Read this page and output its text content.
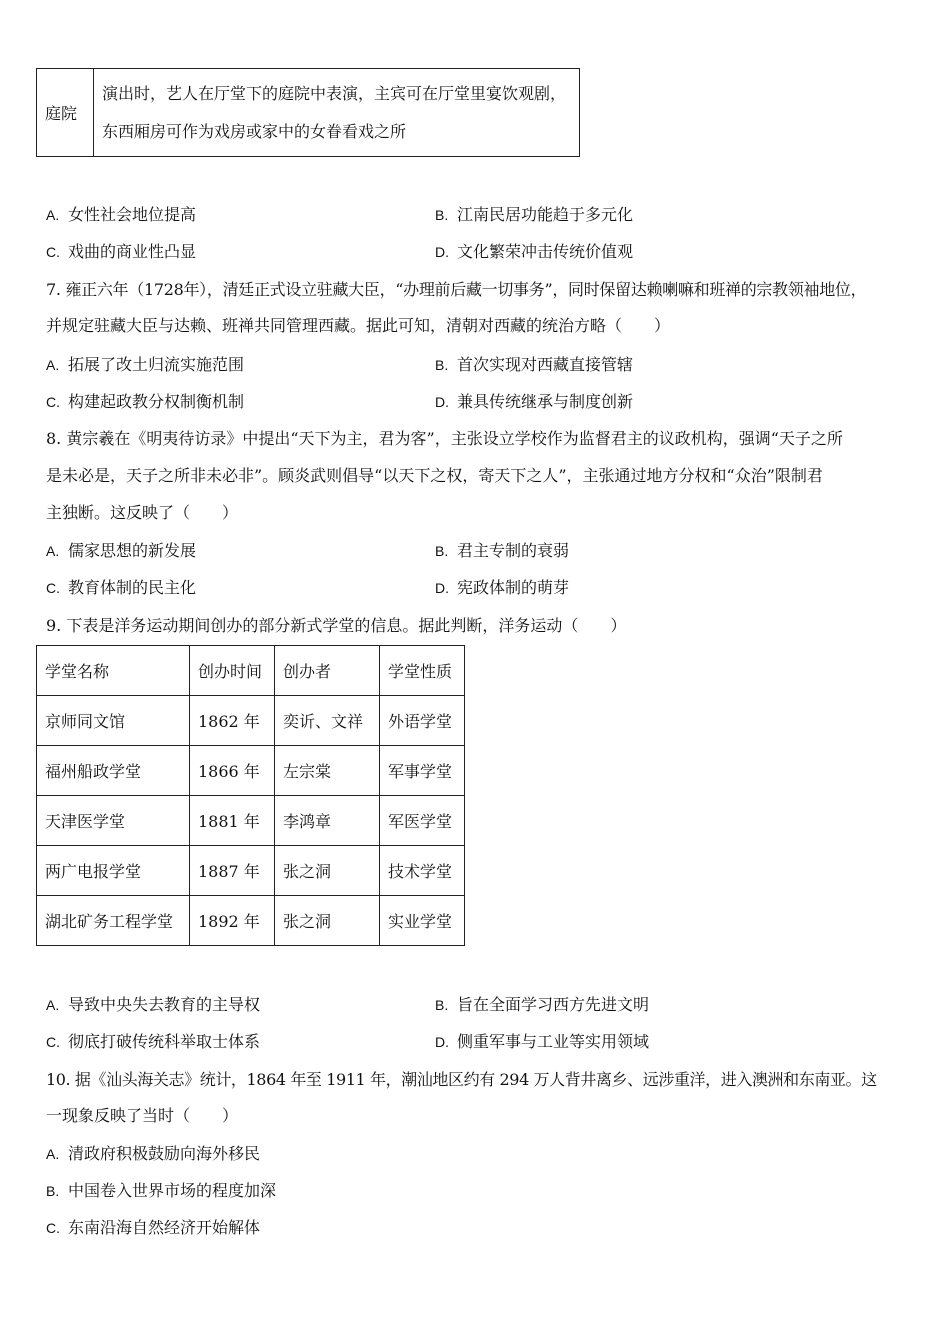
庭院	
演出时，艺人在厅堂下的庭院中表演，主宾可在厅堂里宴饮观剧，
东西厢房可作为戏房或家中的女眷看戏之所
A. 女性社会地位提高	B. 江南民居功能趋于多元化
C. 戏曲的商业性凸显	D. 文化繁荣冲击传统价值观
7. 雍正六年（1728年），清廷正式设立驻藏大臣，“办理前后藏一切事务”，同时保留达赖喇嘛和班禅的宗教领袖地位，
并规定驻藏大臣与达赖、班禅共同管理西藏。据此可知，清朝对西藏的统治方略（　　）
A. 拓展了改土归流实施范围	B. 首次实现对西藏直接管辖
C. 构建起政教分权制衡机制	D. 兼具传统继承与制度创新
8. 黄宗羲在《明夷待访录》中提出“天下为主，君为客”，主张设立学校作为监督君主的议政机构，强调“天子之所
是未必是，天子之所非未必非”。顾炎武则倡导“以天下之权，寄天下之人”，主张通过地方分权和“众治”限制君
主独断。这反映了（　　）
A. 儒家思想的新发展	B. 君主专制的衰弱
C. 教育体制的民主化	D. 宪政体制的萌芽
9. 下表是洋务运动期间创办的部分新式学堂的信息。据此判断，洋务运动（　　）
学堂名称	创办时间	创办者	学堂性质
京师同文馆	1862 年	奕䜣、文祥	外语学堂
福州船政学堂	1866 年	左宗棠	军事学堂
天津医学堂	1881 年	李鸿章	军医学堂
两广电报学堂	1887 年	张之洞	技术学堂
湖北矿务工程学堂	1892 年	张之洞	实业学堂
A. 导致中央失去教育的主导权	B. 旨在全面学习西方先进文明
C. 彻底打破传统科举取士体系	D. 侧重军事与工业等实用领域
10. 据《汕头海关志》统计，1864 年至 1911 年，潮汕地区约有 294 万人背井离乡、远涉重洋，进入澳洲和东南亚。这
一现象反映了当时（　　）
A. 清政府积极鼓励向海外移民
B. 中国卷入世界市场的程度加深
C. 东南沿海自然经济开始解体
